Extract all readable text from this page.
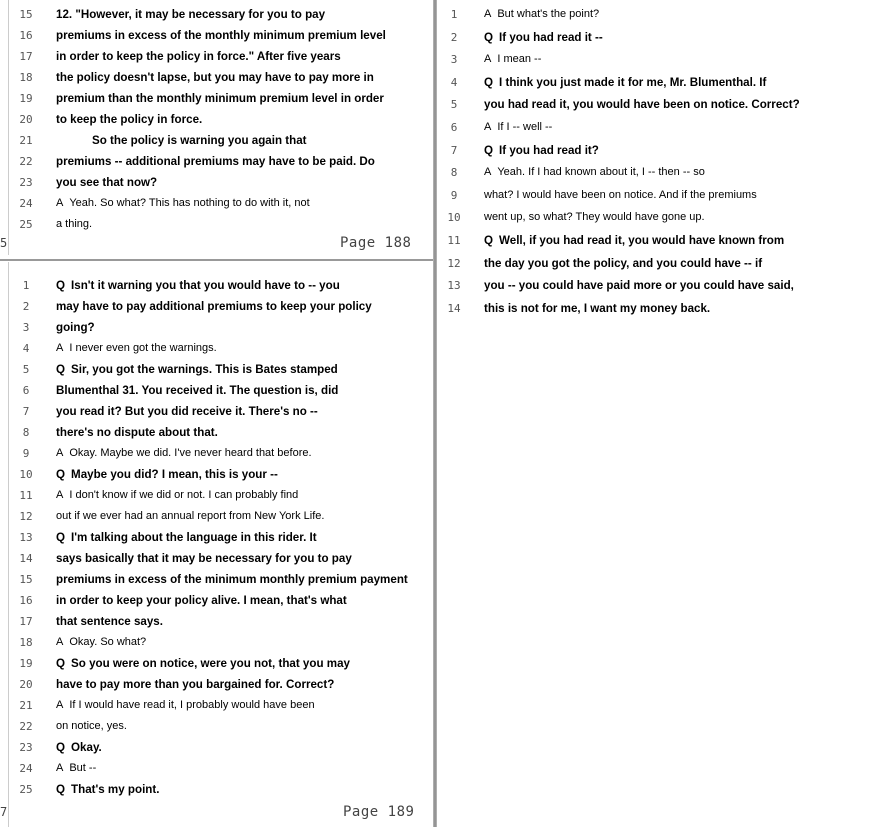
15	12. "However, it may be necessary for you to pay
16	premiums in excess of the monthly minimum premium level
17	in order to keep the policy in force." After five years
18	the policy doesn't lapse, but you may have to pay more in
19	premium than the monthly minimum premium level in order
20	to keep the policy in force.
21	So the policy is warning you again that
22	premiums -- additional premiums may have to be paid. Do
23	you see that now?
24	A Yeah. So what? This has nothing to do with it, not
25	a thing.
5	Page 188
1	Q Isn't it warning you that you would have to -- you
2	may have to pay additional premiums to keep your policy
3	going?
4	A I never even got the warnings.
5	Q Sir, you got the warnings. This is Bates stamped
6	Blumenthal 31. You received it. The question is, did
7	you read it? But you did receive it. There's no --
8	there's no dispute about that.
9	A Okay. Maybe we did. I've never heard that before.
10	Q Maybe you did? I mean, this is your --
11	A I don't know if we did or not. I can probably find
12	out if we ever had an annual report from New York Life.
13	Q I'm talking about the language in this rider. It
14	says basically that it may be necessary for you to pay
15	premiums in excess of the minimum monthly premium payment
16	in order to keep your policy alive. I mean, that's what
17	that sentence says.
18	A Okay. So what?
19	Q So you were on notice, were you not, that you may
20	have to pay more than you bargained for. Correct?
21	A If I would have read it, I probably would have been
22	on notice, yes.
23	Q Okay.
24	A But --
25	Q That's my point.
7	Page 189
1	A But what's the point?
2	Q If you had read it --
3	A I mean --
4	Q I think you just made it for me, Mr. Blumenthal. If
5	you had read it, you would have been on notice. Correct?
6	A If I -- well --
7	Q If you had read it?
8	A Yeah. If I had known about it, I -- then -- so
9	what? I would have been on notice. And if the premiums
10	went up, so what? They would have gone up.
11	Q Well, if you had read it, you would have known from
12	the day you got the policy, and you could have -- if
13	you -- you could have paid more or you could have said,
14	this is not for me, I want my money back.
